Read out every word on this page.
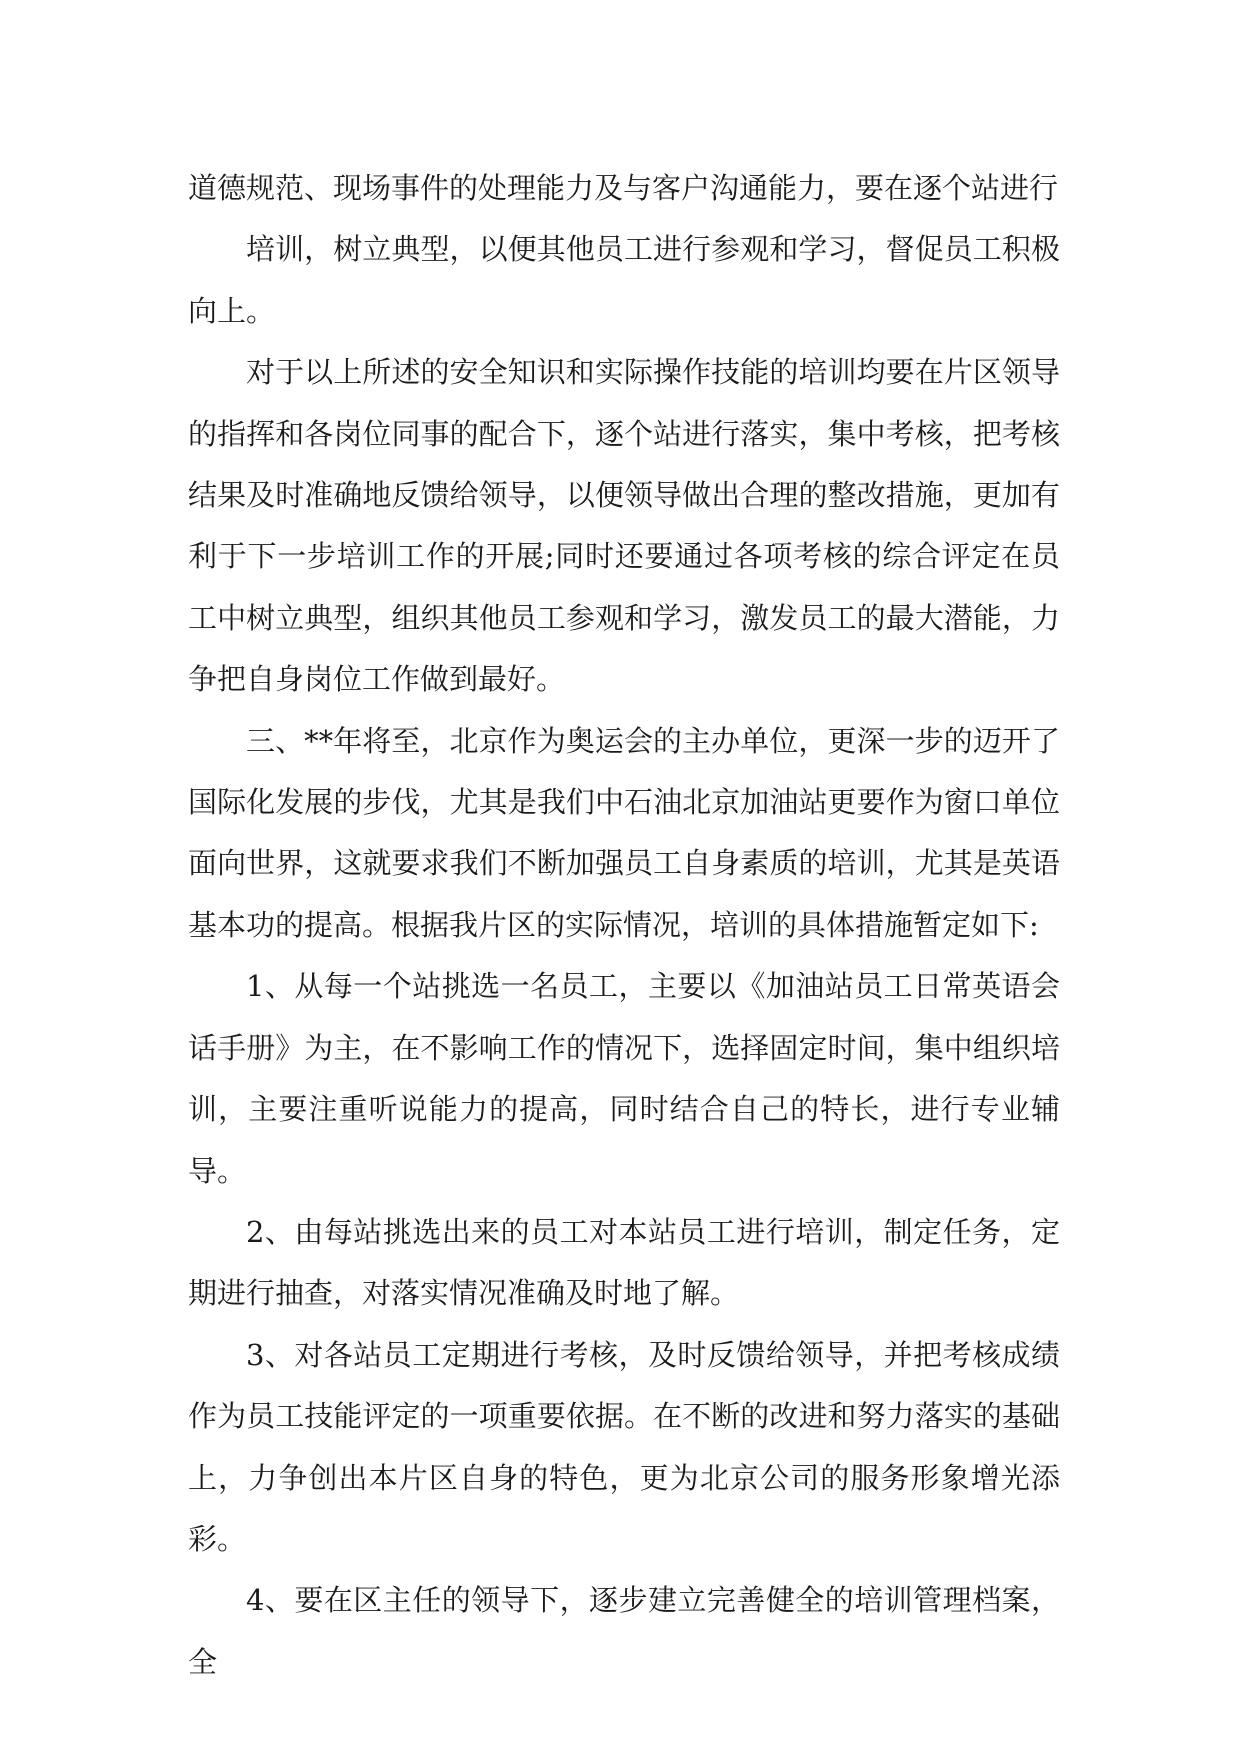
道德规范、现场事件的处理能力及与客户沟通能力，要在逐个站进行

培训，树立典型，以便其他员工进行参观和学习，督促员工积极向上。

对于以上所述的安全知识和实际操作技能的培训均要在片区领导的指挥和各岗位同事的配合下，逐个站进行落实，集中考核，把考核结果及时准确地反馈给领导，以便领导做出合理的整改措施，更加有利于下一步培训工作的开展;同时还要通过各项考核的综合评定在员工中树立典型，组织其他员工参观和学习，激发员工的最大潜能，力争把自身岗位工作做到最好。

三、**年将至，北京作为奥运会的主办单位，更深一步的迈开了国际化发展的步伐，尤其是我们中石油北京加油站更要作为窗口单位面向世界，这就要求我们不断加强员工自身素质的培训，尤其是英语基本功的提高。根据我片区的实际情况，培训的具体措施暂定如下:

1、从每一个站挑选一名员工，主要以《加油站员工日常英语会话手册》为主，在不影响工作的情况下，选择固定时间，集中组织培训，主要注重听说能力的提高，同时结合自己的特长，进行专业辅导。

2、由每站挑选出来的员工对本站员工进行培训，制定任务，定期进行抽查，对落实情况准确及时地了解。

3、对各站员工定期进行考核，及时反馈给领导，并把考核成绩作为员工技能评定的一项重要依据。在不断的改进和努力落实的基础上，力争创出本片区自身的特色，更为北京公司的服务形象增光添彩。

4、要在区主任的领导下，逐步建立完善健全的培训管理档案，全
